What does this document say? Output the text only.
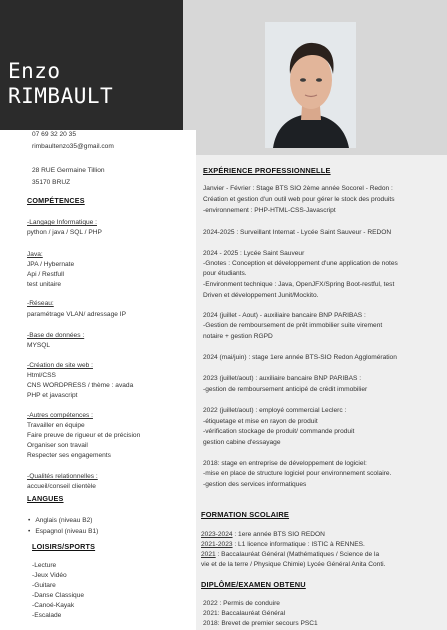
Enzo
RIMBAULT
07 69 32 20 35
rimbaultenzo35@gmail.com
28 RUE Germaine Tillion
35170 BRUZ
COMPÉTENCES
-Langage Informatique :
python / java / SQL / PHP
Java:
JPA / Hybernate
Api / Restfull
test unitaire
-Réseau:
paramétrage VLAN/ adressage IP
-Base de données :
MYSQL
-Création de site web :
Html/CSS
CNS WORDPRESS / thème : avada
PHP et javascript
-Autres compétences :
Travailler en équipe
Faire preuve de rigueur et de précision
Organiser son travail
Respecter ses engagements
-Qualités relationnelles :
accueil/conseil clientèle
LANGUES
• Anglais (niveau B2)
• Espagnol (niveau B1)
LOISIRS/SPORTS
-Lecture
-Jeux Vidéo
-Guitare
-Danse Classique
-Canoé-Kayak
-Escalade
EXPÉRIENCE PROFESSIONNELLE
Janvier - Février : Stage BTS SIO 2ème année Socorel - Redon :
Création et gestion d'un outil web pour gérer le stock des produits
-environnement : PHP-HTML-CSS-Javascript
2024-2025 : Surveillant Internat - Lycée Saint Sauveur - REDON
2024 - 2025 : Lycée Saint Sauveur
-Gnotes : Conception et développement d'une application de notes
pour étudiants.
-Environment technique : Java, OpenJFX/Spring Boot-restful, test
Driven et développement Junit/Mockito.
2024 (juillet - Aout) - auxiliaire bancaire BNP PARIBAS :
-Gestion de remboursement de prêt immobilier suite virement
notaire + gestion RGPD
2024 (mai/juin) : stage 1ere année BTS-SIO Redon Agglomération
2023 (juillet/aout) : auxiliaire bancaire BNP PARIBAS :
-gestion de remboursement anticipé de crédit immobilier
2022 (juillet/aout) : employé commercial Leclerc :
-étiquetage et mise en rayon de produit
-vérification stockage de produit/ commande produit
gestion cabine d'essayage
2018: stage en entreprise de développement de logiciel:
-mise en place de structure logiciel pour environnement scolaire.
-gestion des services informatiques
FORMATION SCOLAIRE
2023-2024 : 1ere année BTS SIO REDON
2021-2023 : L1 licence informatique : ISTIC à RENNES.
2021 : Baccalauréat Général (Mathématiques / Science de la
vie et de la terre / Physique Chimie) Lycée Général Anita Conti.
DIPLÔME/EXAMEN OBTENU
2022 : Permis de conduire
2021: Baccalauréat Général
2018: Brevet de premier secours PSC1
